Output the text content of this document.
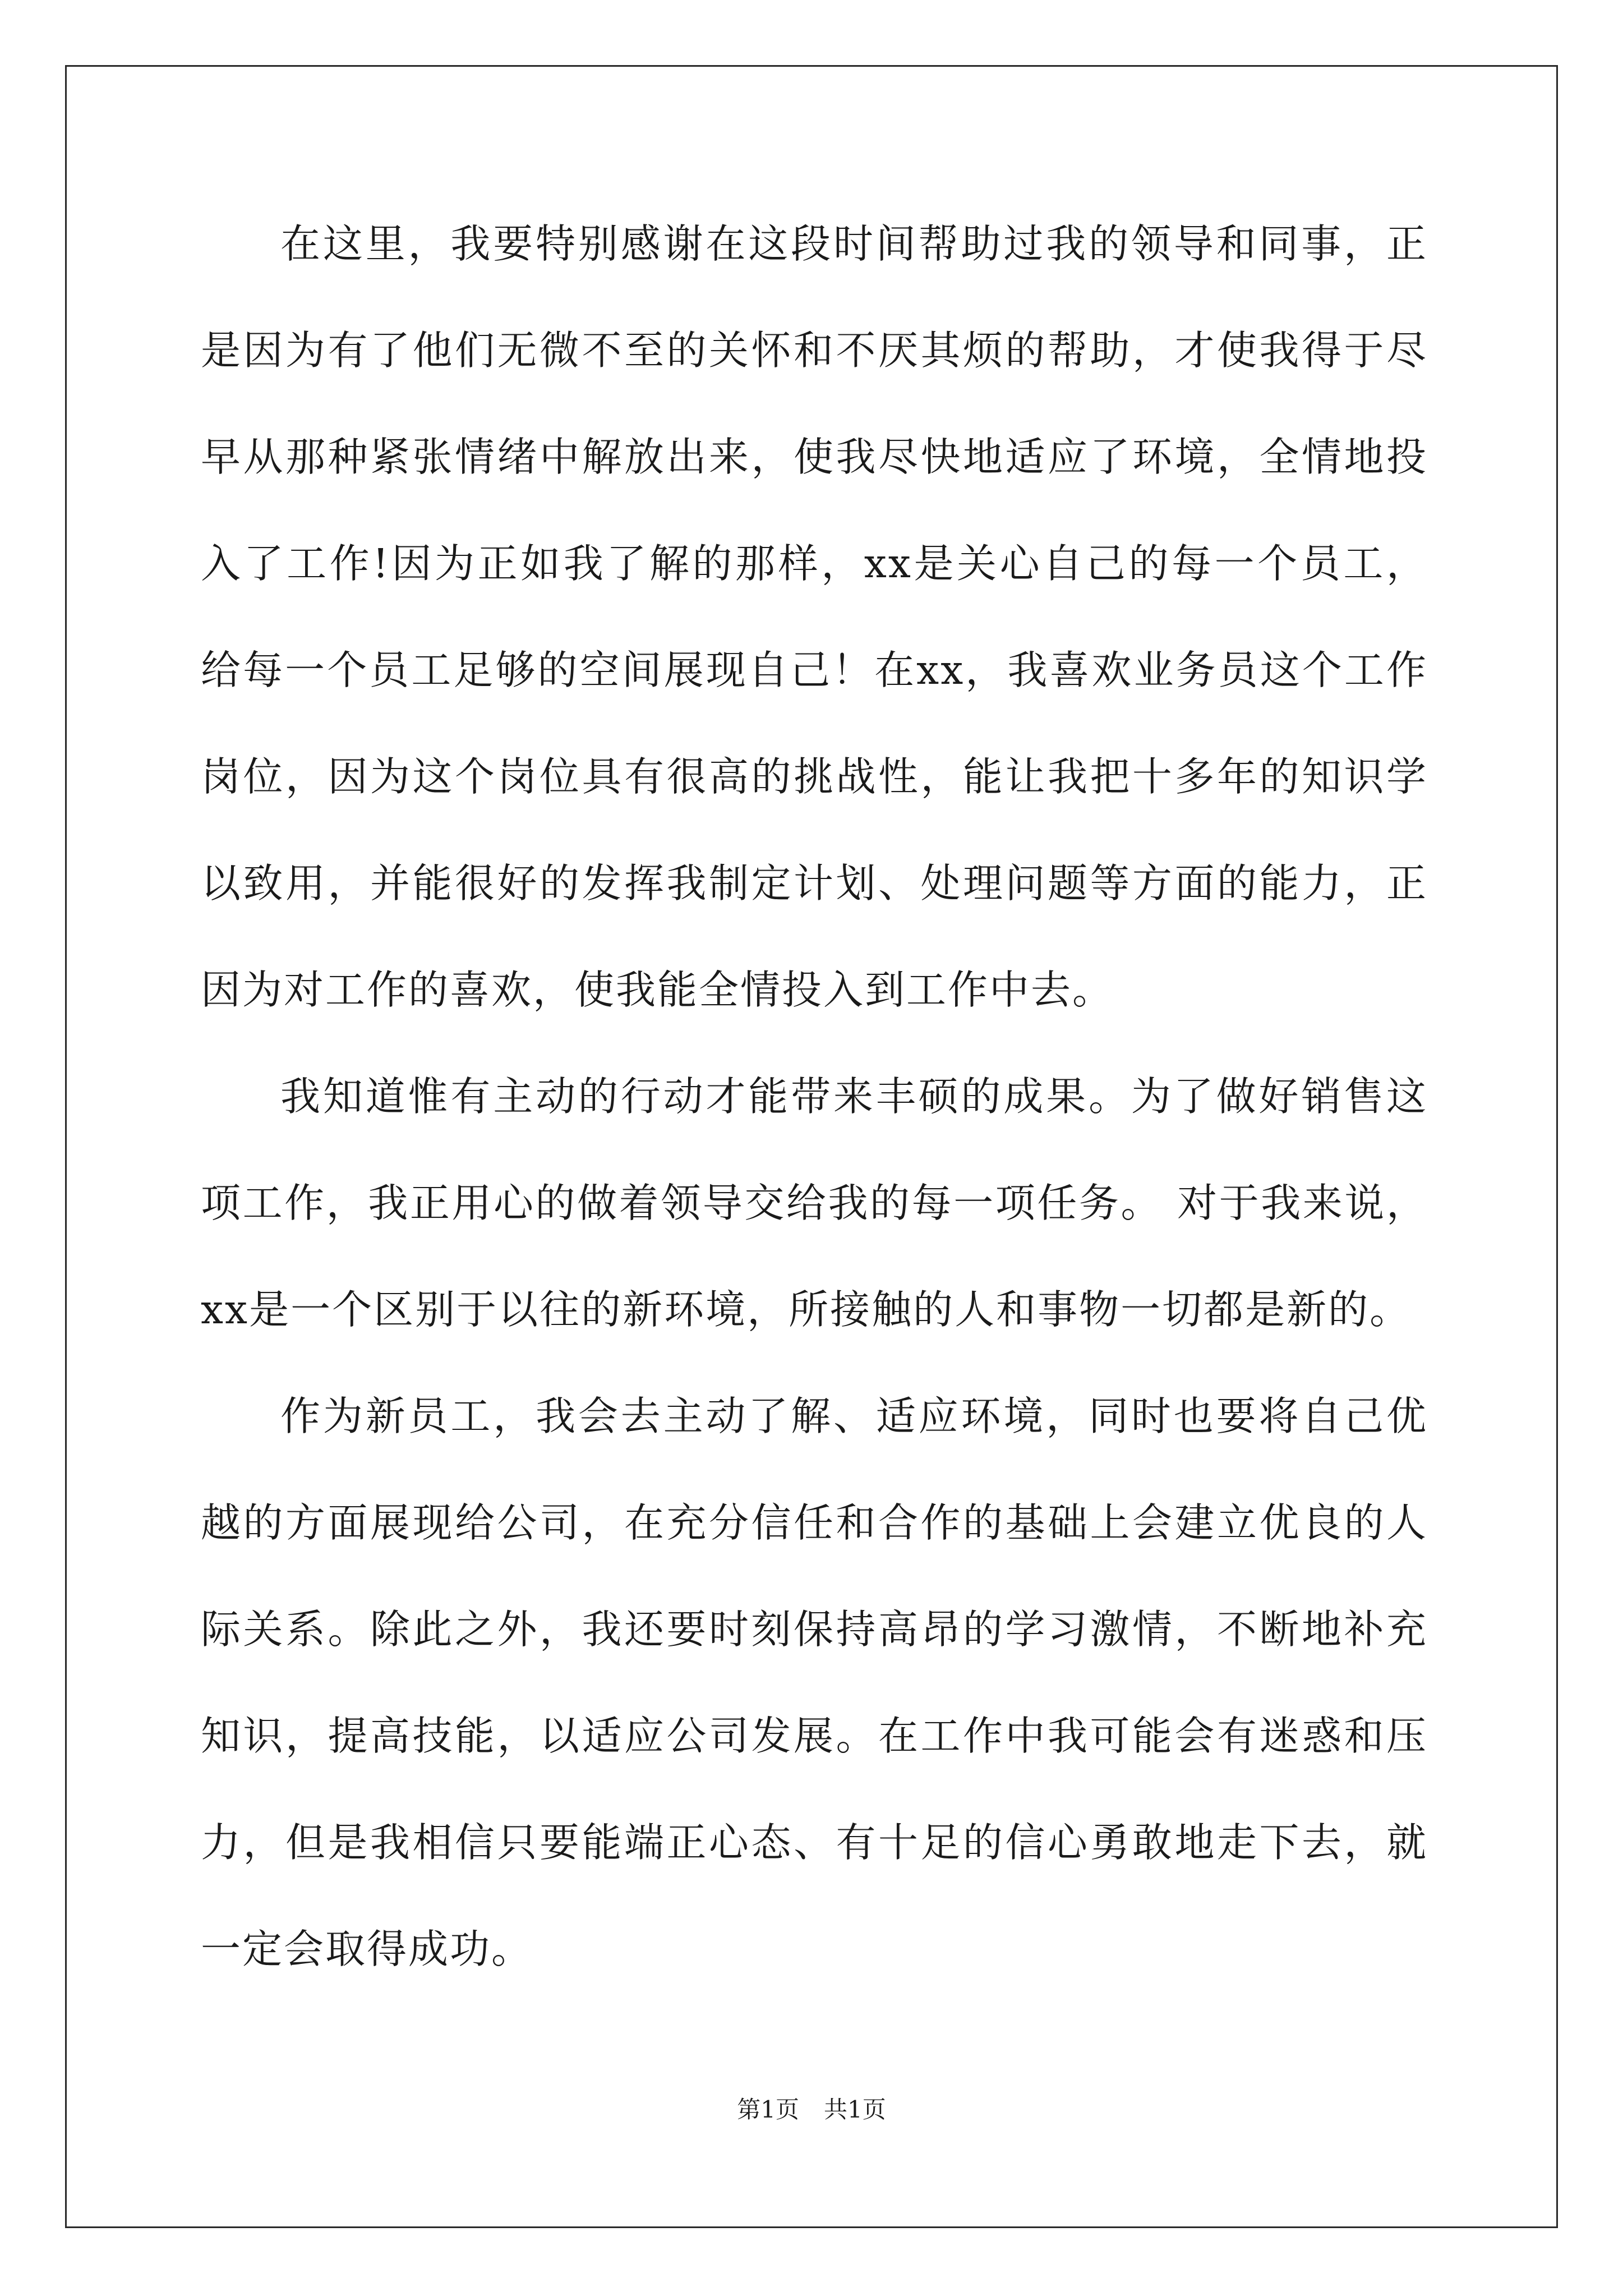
在这里，我要特别感谢在这段时间帮助过我的领导和同事，正是因为有了他们无微不至的关怀和不厌其烦的帮助，才使我得于尽早从那种紧张情绪中解放出来，使我尽快地适应了环境，全情地投入了工作!因为正如我了解的那样，xx是关心自己的每一个员工，给每一个员工足够的空间展现自己！在xx，我喜欢业务员这个工作岗位，因为这个岗位具有很高的挑战性，能让我把十多年的知识学以致用，并能很好的发挥我制定计划、处理问题等方面的能力，正因为对工作的喜欢，使我能全情投入到工作中去。

我知道惟有主动的行动才能带来丰硕的成果。为了做好销售这项工作，我正用心的做着领导交给我的每一项任务。 对于我来说，xx是一个区别于以往的新环境，所接触的人和事物一切都是新的。

作为新员工，我会去主动了解、适应环境，同时也要将自己优越的方面展现给公司，在充分信任和合作的基础上会建立优良的人际关系。除此之外，我还要时刻保持高昂的学习激情，不断地补充知识，提高技能，以适应公司发展。在工作中我可能会有迷惑和压力，但是我相信只要能端正心态、有十足的信心勇敢地走下去，就一定会取得成功。

第1页 共1页
